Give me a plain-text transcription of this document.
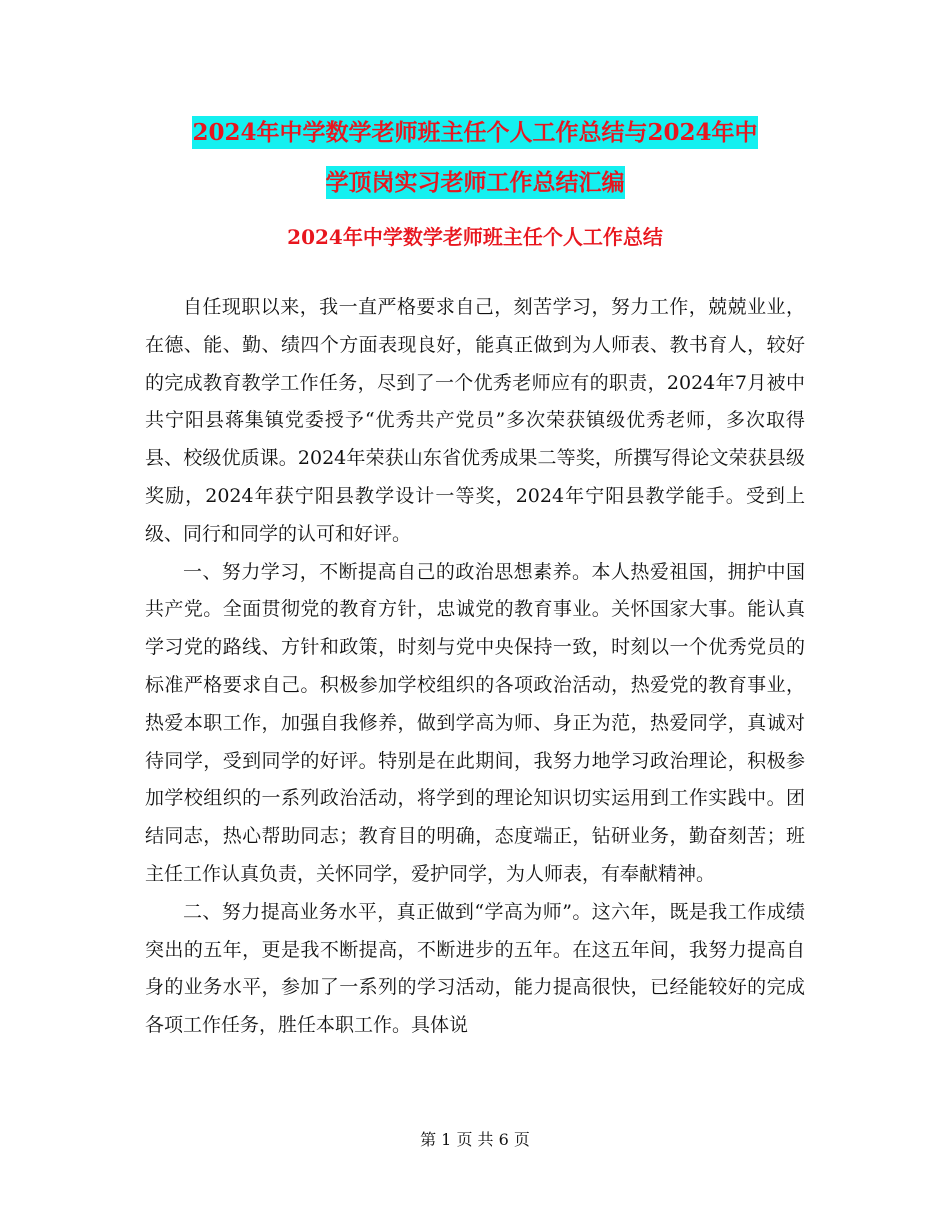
2024年中学数学老师班主任个人工作总结与2024年中
学顶岗实习老师工作总结汇编
2024年中学数学老师班主任个人工作总结

自任现职以来，我一直严格要求自己，刻苦学习，努力工作，兢兢业业，在德、能、勤、绩四个方面表现良好，能真正做到为人师表、教书育人，较好的完成教育教学工作任务，尽到了一个优秀老师应有的职责，2024年7月被中共宁阳县蒋集镇党委授予“优秀共产党员”多次荣获镇级优秀老师，多次取得县、校级优质课。2024年荣获山东省优秀成果二等奖，所撰写得论文荣获县级奖励，2024年获宁阳县教学设计一等奖，2024年宁阳县教学能手。受到上级、同行和同学的认可和好评。

一、努力学习，不断提高自己的政治思想素养。本人热爱祖国，拥护中国共产党。全面贯彻党的教育方针，忠诚党的教育事业。关怀国家大事。能认真学习党的路线、方针和政策，时刻与党中央保持一致，时刻以一个优秀党员的标准严格要求自己。积极参加学校组织的各项政治活动，热爱党的教育事业，热爱本职工作，加强自我修养，做到学高为师、身正为范，热爱同学，真诚对待同学，受到同学的好评。特别是在此期间，我努力地学习政治理论，积极参加学校组织的一系列政治活动，将学到的理论知识切实运用到工作实践中。团结同志，热心帮助同志；教育目的明确，态度端正，钻研业务，勤奋刻苦；班主任工作认真负责，关怀同学，爱护同学，为人师表，有奉献精神。

二、努力提高业务水平，真正做到“学高为师”。这六年，既是我工作成绩突出的五年，更是我不断提高，不断进步的五年。在这五年间，我努力提高自身的业务水平，参加了一系列的学习活动，能力提高很快，已经能较好的完成各项工作任务，胜任本职工作。具体说

第 1 页 共 6 页
